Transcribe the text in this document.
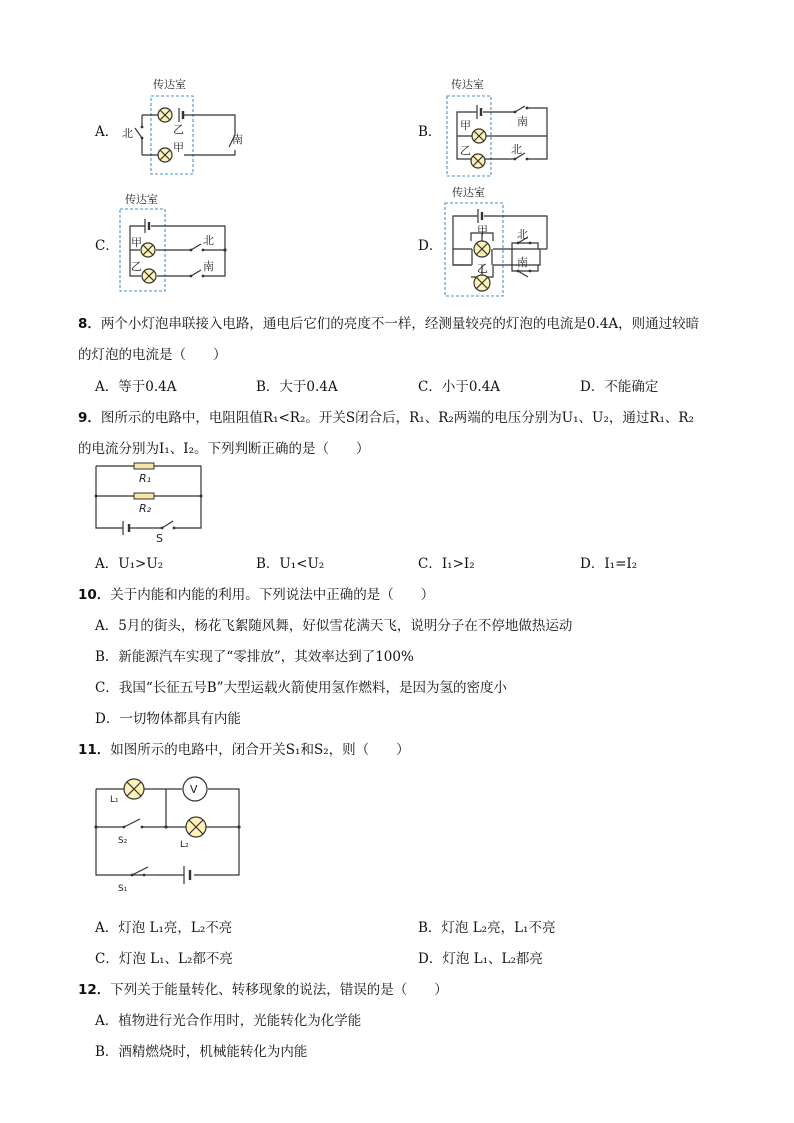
A．
传达室
北	乙
甲
南	B．
传达室
甲
乙
南
北
C．
传达室
甲
乙
北
南
D．
传达室
甲
乙
北
南
8．两个小灯泡串联接入电路，通电后它们的亮度不一样，经测量较亮的灯泡的电流是0.4A，则通过较暗
的灯泡的电流是（　　）
A．等于0.4A	B．大于0.4A	C．小于0.4A	D．不能确定
9．图所示的电路中，电阻阻值R₁<R₂。开关S闭合后，R₁、R₂两端的电压分别为U₁、U₂，通过R₁、R₂
的电流分别为I₁、I₂。下列判断正确的是（　　）
R₁
R₂
S
A．U₁>U₂	B．U₁<U₂	C．I₁>I₂	D．I₁=I₂
10．关于内能和内能的利用。下列说法中正确的是（　　）
A．5月的街头，杨花飞絮随风舞，好似雪花满天飞，说明分子在不停地做热运动
B．新能源汽车实现了“零排放”，其效率达到了100%
C．我国“长征五号B”大型运载火箭使用氢作燃料，是因为氢的密度小
D．一切物体都具有内能
11．如图所示的电路中，闭合开关S₁和S₂，则（　　）
V
L₁
S₂	L₂
S₁
A．灯泡 L₁亮，L₂不亮	B．灯泡 L₂亮，L₁不亮
C．灯泡 L₁、L₂都不亮	D．灯泡 L₁、L₂都亮
12．下列关于能量转化、转移现象的说法，错误的是（　　）
A．植物进行光合作用时，光能转化为化学能
B．酒精燃烧时，机械能转化为内能
